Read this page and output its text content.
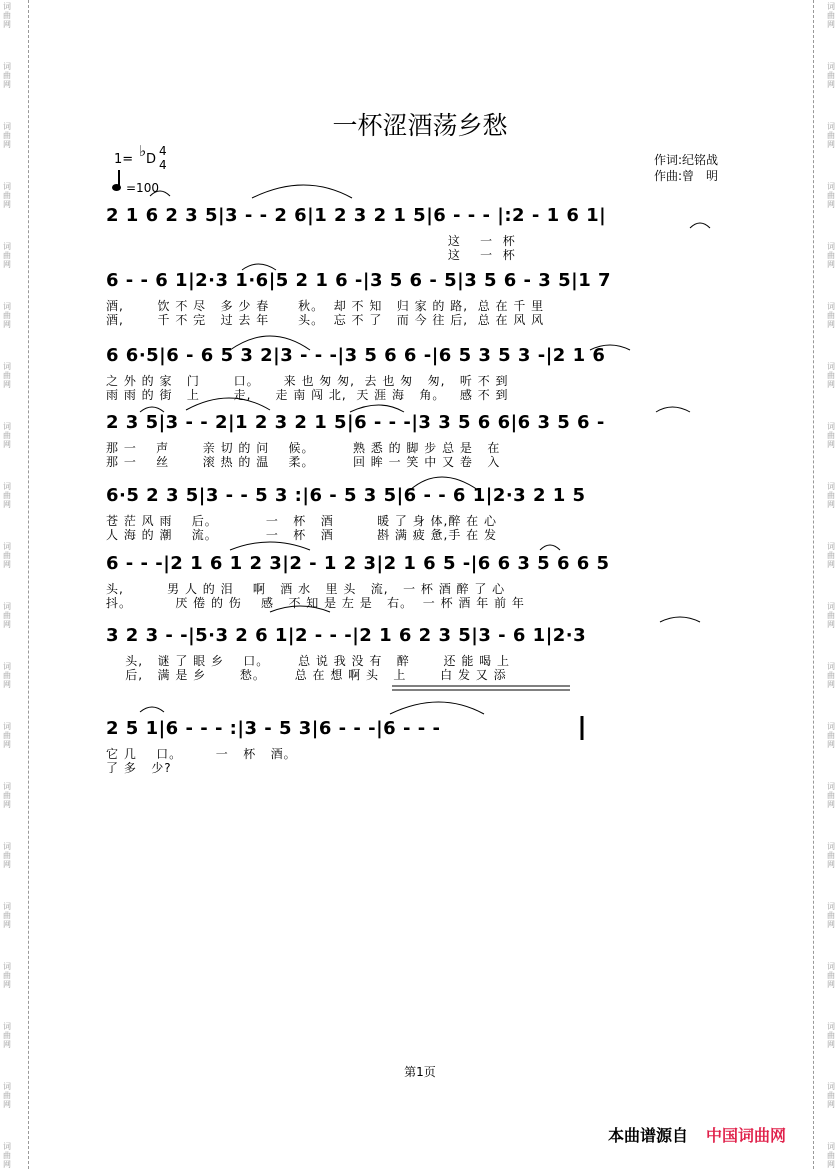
词
曲
网
词
曲
网
词
曲
网
词
曲
网
词
曲
网
词
曲
网
词
曲
网
词
曲
网
词
曲
网
词
曲
网
词
曲
网
词
曲
网
词
曲
网
词
曲
网
词
曲
网
词
曲
网
词
曲
网
词
曲
网
词
曲
网
词
曲
网
词
曲
网
词
曲
网
词
曲
网
词
曲
网
词
曲
网
词
曲
网
词
曲
网
词
曲
网
词
曲
网
词
曲
网
词
曲
网
词
曲
网
词
曲
网
词
曲
网
词
曲
网
词
曲
网
词
曲
网
词
曲
网
词
曲
网
词
曲
网
一杯涩酒荡乡愁
1= ♭ D
4
4
=100
作词:纪铭战
作曲:曾　明
2 1 6 2 3 5|3 - - 2 6|1 2 3 2 1 5|6 - - - |:2 - 1 6 1|
这    一  杯
这    一  杯
6 - - 6 1|2·3 1·6|5 2 1 6 -|3 5 6 - 5|3 5 6 - 3 5|1 7
酒,       饮 不 尽   多 少 春      秋。  却 不 知   归 家 的 路,  总 在 千 里
酒,       千 不 完   过 去 年      头。  忘 不 了   而 今 往 后,  总 在 风 风
6 6·5|6 - 6 5 3 2|3 - - -|3 5 6 6 -|6 5 3 5 3 -|2 1 6
之 外 的 家   门       口。     来 也 匆 匆,  去 也 匆   匆,   听 不 到
雨 雨 的 街   上       走,     走 南 闯 北,  天 涯 海   角。   感 不 到
2 3 5|3 - - 2|1 2 3 2 1 5|6 - - -|3 3 5 6 6|6 3 5 6 -
那 一    声       亲 切 的 问    候。        熟 悉 的 脚 步 总 是   在
那 一    丝       滚 热 的 温    柔。        回 眸 一 笑 中 又 卷   入
6·5 2 3 5|3 - - 5 3 :|6 - 5 3 5|6 - - 6 1|2·3 2 1 5
苍 茫 风 雨    后。          一   杯   酒         暖 了 身 体,醉 在 心
人 海 的 潮    流。          一   杯   酒         斟 满 疲 惫,手 在 发
6 - - -|2 1 6 1 2 3|2 - 1 2 3|2 1 6 5 -|6 6 3 5 6 6 5
头,         男 人 的 泪    啊   酒 水   里 头   流,   一 杯 酒 醉 了 心
抖。         厌 倦 的 伤    感   不 知 是 左 是   右。  一 杯 酒 年 前 年
3 2 3 - -|5·3 2 6 1|2 - - -|2 1 6 2 3 5|3 - 6 1|2·3
头,   谜 了 眼 乡    口。      总 说 我 没 有   醉       还 能 喝 上
后,   满 是 乡       愁。      总 在 想 啊 头   上       白 发 又 添
2 5 1|6 - - - :|3 - 5 3|6 - - -|6 - - -
它 几    口。       一   杯   酒。
了 多   少?
第1页
本曲谱源自 中国词曲网
